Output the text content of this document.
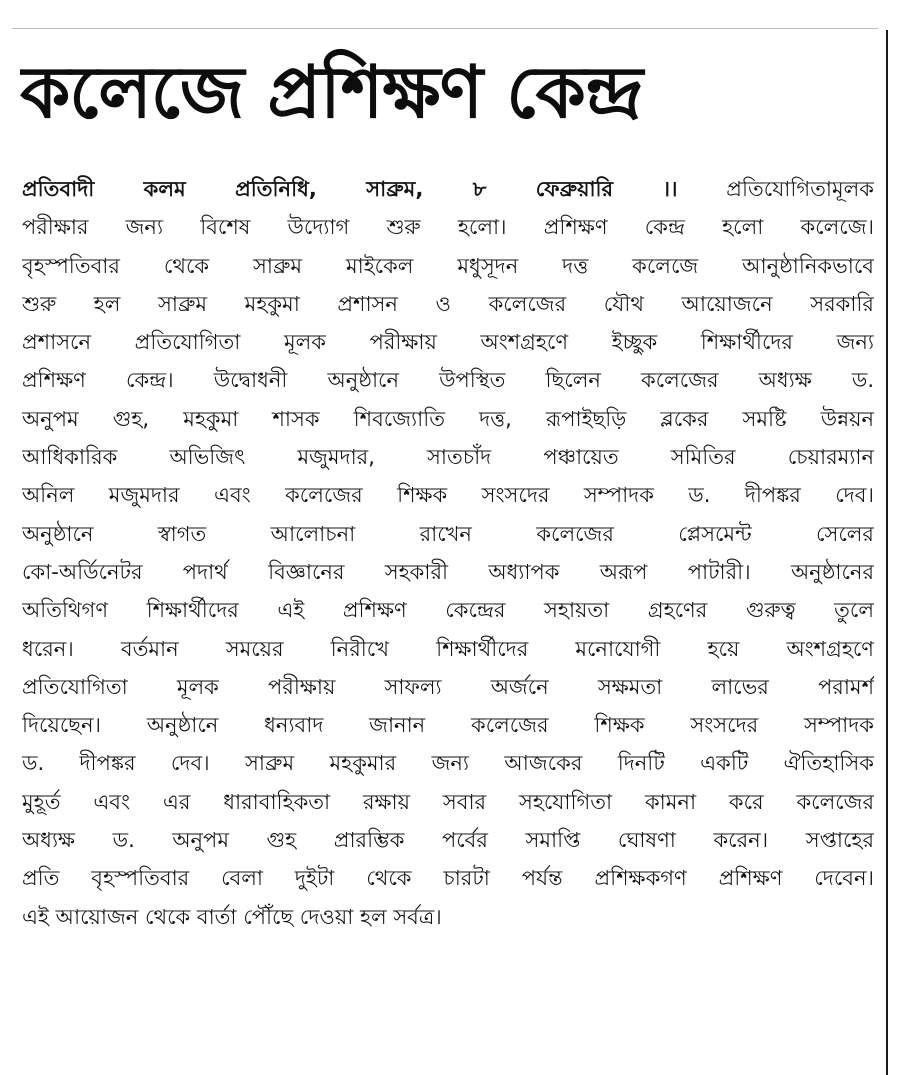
কলেজে প্রশিক্ষণ কেন্দ্র
প্রতিবাদী কলম প্রতিনিধি, সাব্রুম, ৮ ফেব্রুয়ারি ।। প্রতিযোগিতামূলক
পরীক্ষার জন্য বিশেষ উদ্যোগ শুরু হলো। প্রশিক্ষণ কেন্দ্র হলো কলেজে।
বৃহস্পতিবার থেকে সাব্রুম মাইকেল মধুসূদন দত্ত কলেজে আনুষ্ঠানিকভাবে
শুরু হল সাব্রুম মহকুমা প্রশাসন ও কলেজের যৌথ আয়োজনে সরকারি
প্রশাসনে প্রতিযোগিতা মূলক পরীক্ষায় অংশগ্রহণে ইচ্ছুক শিক্ষার্থীদের জন্য
প্রশিক্ষণ কেন্দ্র। উদ্বোধনী অনুষ্ঠানে উপস্থিত ছিলেন কলেজের অধ্যক্ষ ড.
অনুপম গুহ, মহকুমা শাসক শিবজ্যোতি দত্ত, রূপাইছড়ি ব্লকের সমষ্টি উন্নয়ন
আধিকারিক অভিজিৎ মজুমদার, সাতচাঁদ পঞ্চায়েত সমিতির চেয়ারম্যান
অনিল মজুমদার এবং কলেজের শিক্ষক সংসদের সম্পাদক ড. দীপঙ্কর দেব।
অনুষ্ঠানে স্বাগত আলোচনা রাখেন কলেজের প্লেসমেন্ট সেলের
কো-অর্ডিনেটর পদার্থ বিজ্ঞানের সহকারী অধ্যাপক অরূপ পাটারী। অনুষ্ঠানের
অতিথিগণ শিক্ষার্থীদের এই প্রশিক্ষণ কেন্দ্রের সহায়তা গ্রহণের গুরুত্ব তুলে
ধরেন। বর্তমান সময়ের নিরীখে শিক্ষার্থীদের মনোযোগী হয়ে অংশগ্রহণে
প্রতিযোগিতা মূলক পরীক্ষায় সাফল্য অর্জনে সক্ষমতা লাভের পরামর্শ
দিয়েছেন। অনুষ্ঠানে ধন্যবাদ জানান কলেজের শিক্ষক সংসদের সম্পাদক
ড. দীপঙ্কর দেব। সাব্রুম মহকুমার জন্য আজকের দিনটি একটি ঐতিহাসিক
মুহূর্ত এবং এর ধারাবাহিকতা রক্ষায় সবার সহযোগিতা কামনা করে কলেজের
অধ্যক্ষ ড. অনুপম গুহ প্রারম্ভিক পর্বের সমাপ্তি ঘোষণা করেন। সপ্তাহের
প্রতি বৃহস্পতিবার বেলা দুইটা থেকে চারটা পর্যন্ত প্রশিক্ষকগণ প্রশিক্ষণ দেবেন।
এই আয়োজন থেকে বার্তা পৌঁছে দেওয়া হল সর্বত্র।
